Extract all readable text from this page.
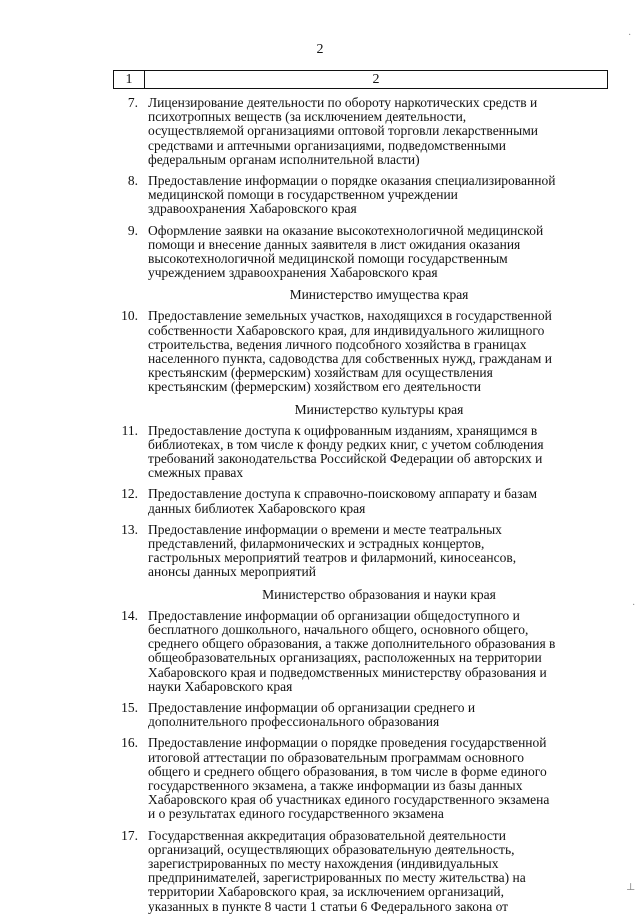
2
1	2
7. Лицензирование деятельности по обороту наркотических средств и
психотропных веществ (за исключением деятельности,
осуществляемой организациями оптовой торговли лекарственными
средствами и аптечными организациями, подведомственными
федеральным органам исполнительной власти)
8. Предоставление информации о порядке оказания специализированной
медицинской помощи в государственном учреждении
здравоохранения Хабаровского края
9. Оформление заявки на оказание высокотехнологичной медицинской
помощи и внесение данных заявителя в лист ожидания оказания
высокотехнологичной медицинской помощи государственным
учреждением здравоохранения Хабаровского края
Министерство имущества края
10. Предоставление земельных участков, находящихся в государственной
собственности Хабаровского края, для индивидуального жилищного
строительства, ведения личного подсобного хозяйства в границах
населенного пункта, садоводства для собственных нужд, гражданам и
крестьянским (фермерским) хозяйствам для осуществления
крестьянским (фермерским) хозяйством его деятельности
Министерство культуры края
11. Предоставление доступа к оцифрованным изданиям, хранящимся в
библиотеках, в том числе к фонду редких книг, с учетом соблюдения
требований законодательства Российской Федерации об авторских и
смежных правах
12. Предоставление доступа к справочно-поисковому аппарату и базам
данных библиотек Хабаровского края
13. Предоставление информации о времени и месте театральных
представлений, филармонических и эстрадных концертов,
гастрольных мероприятий театров и филармоний, киносеансов,
анонсы данных мероприятий
Министерство образования и науки края
14. Предоставление информации об организации общедоступного и
бесплатного дошкольного, начального общего, основного общего,
среднего общего образования, а также дополнительного образования в
общеобразовательных организациях, расположенных на территории
Хабаровского края и подведомственных министерству образования и
науки Хабаровского края
15. Предоставление информации об организации среднего и
дополнительного профессионального образования
16. Предоставление информации о порядке проведения государственной
итоговой аттестации по образовательным программам основного
общего и среднего общего образования, в том числе в форме единого
государственного экзамена, а также информации из базы данных
Хабаровского края об участниках единого государственного экзамена
и о результатах единого государственного экзамена
17. Государственная аккредитация образовательной деятельности
организаций, осуществляющих образовательную деятельность,
зарегистрированных по месту нахождения (индивидуальных
предпринимателей, зарегистрированных по месту жительства) на
территории Хабаровского края, за исключением организаций,
указанных в пункте 8 части 1 статьи 6 Федерального закона от
·
·
⊥
